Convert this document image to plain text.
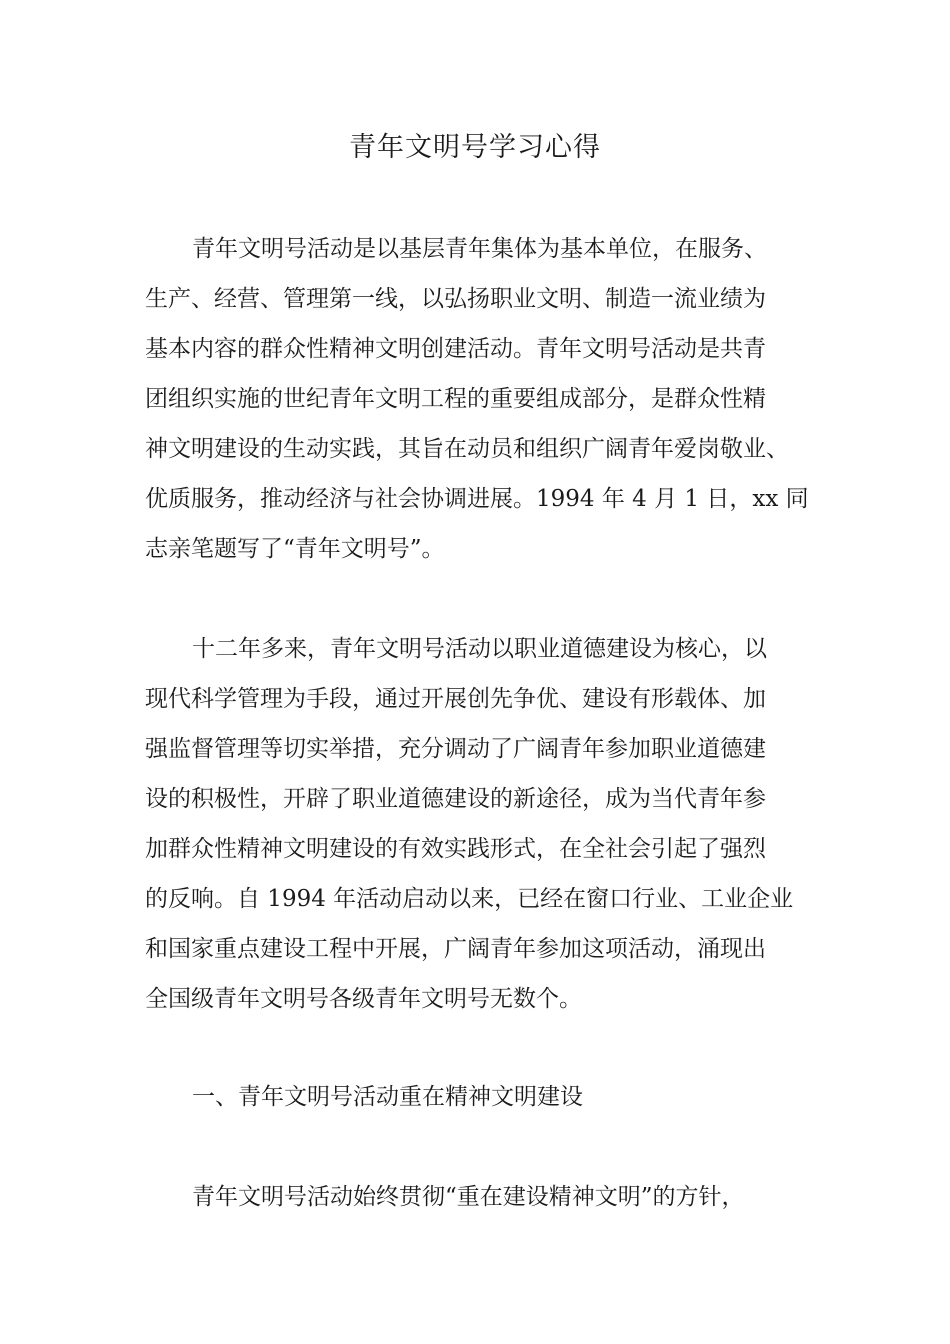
青年文明号学习心得

青年文明号活动是以基层青年集体为基本单位，在服务、

生产、经营、管理第一线，以弘扬职业文明、制造一流业绩为

基本内容的群众性精神文明创建活动。青年文明号活动是共青

团组织实施的世纪青年文明工程的重要组成部分，是群众性精

神文明建设的生动实践，其旨在动员和组织广阔青年爱岗敬业、

优质服务，推动经济与社会协调进展。1994 年 4 月 1 日，xx 同

志亲笔题写了“青年文明号”。

十二年多来，青年文明号活动以职业道德建设为核心，以

现代科学管理为手段，通过开展创先争优、建设有形载体、加

强监督管理等切实举措，充分调动了广阔青年参加职业道德建

设的积极性，开辟了职业道德建设的新途径，成为当代青年参

加群众性精神文明建设的有效实践形式，在全社会引起了强烈

的反响。自 1994 年活动启动以来，已经在窗口行业、工业企业

和国家重点建设工程中开展，广阔青年参加这项活动，涌现出

全国级青年文明号各级青年文明号无数个。

一、青年文明号活动重在精神文明建设

青年文明号活动始终贯彻“重在建设精神文明”的方针，
